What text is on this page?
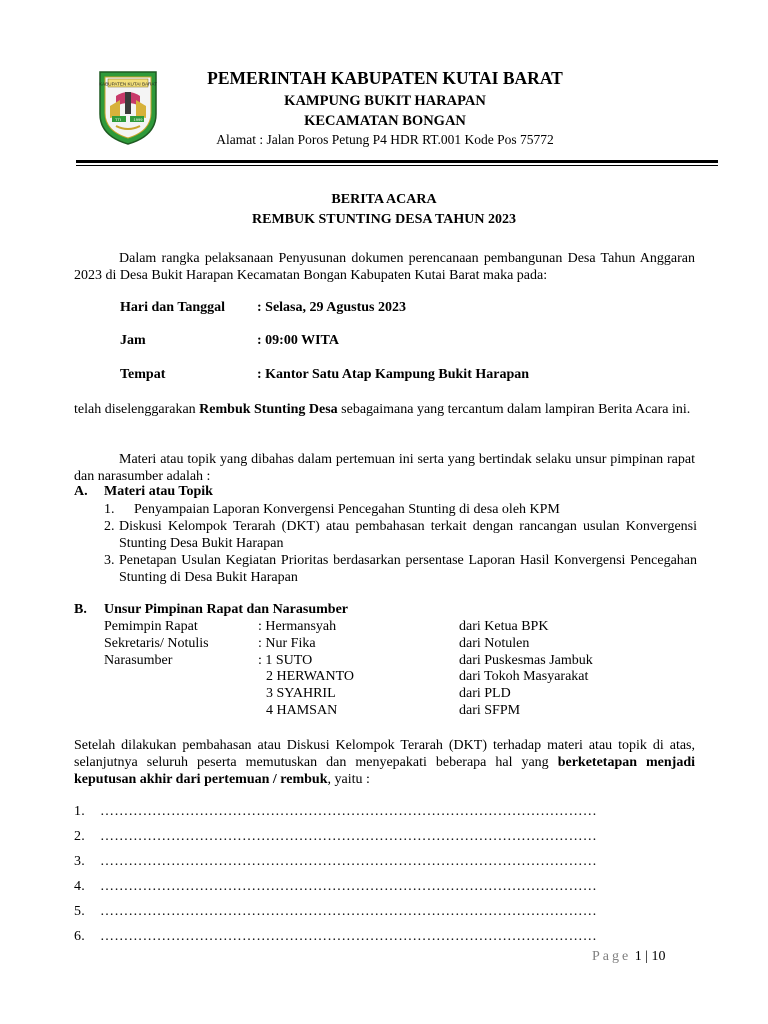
KABUPATEN KUTAI BARAT
TTI	1999
PEMERINTAH KABUPATEN KUTAI BARAT
KAMPUNG BUKIT HARAPAN
KECAMATAN BONGAN
Alamat : Jalan Poros Petung P4 HDR RT.001 Kode Pos 75772
BERITA ACARA
REMBUK STUNTING DESA TAHUN 2023
Dalam rangka pelaksanaan Penyusunan dokumen perencanaan pembangunan Desa Tahun Anggaran 2023 di Desa Bukit Harapan Kecamatan Bongan Kabupaten Kutai Barat maka pada:
Hari dan Tanggal : Selasa, 29 Agustus 2023
Jam	: 09:00 WITA
Tempat	: Kantor Satu Atap Kampung Bukit Harapan
telah diselenggarakan Rembuk Stunting Desa sebagaimana yang tercantum dalam lampiran Berita Acara ini.
Materi atau topik yang dibahas dalam pertemuan ini serta yang bertindak selaku unsur pimpinan rapat dan narasumber adalah :
A. Materi atau Topik
1. Penyampaian Laporan Konvergensi Pencegahan Stunting di desa oleh KPM
2. Diskusi Kelompok Terarah (DKT) atau pembahasan terkait dengan rancangan usulan Konvergensi Stunting Desa Bukit Harapan
3. Penetapan Usulan Kegiatan Prioritas berdasarkan persentase Laporan Hasil Konvergensi Pencegahan Stunting di Desa Bukit Harapan
B. Unsur Pimpinan Rapat dan Narasumber
Pemimpin Rapat	: Hermansyah	dari Ketua BPK
Sekretaris/ Notulis	: Nur Fika	dari Notulen
Narasumber	: 1 SUTO	dari Puskesmas Jambuk
2 HERWANTO	dari Tokoh Masyarakat
3 SYAHRIL	dari PLD
4 HAMSAN	dari SFPM
Setelah dilakukan pembahasan atau Diskusi Kelompok Terarah (DKT) terhadap materi atau topik di atas, selanjutnya seluruh peserta memutuskan dan menyepakati beberapa hal yang berketetapan menjadi keputusan akhir dari pertemuan / rembuk, yaitu :
1. ……………………………………………………………………………………………
2. ……………………………………………………………………………………………
3. ……………………………………………………………………………………………
4. ……………………………………………………………………………………………
5. ……………………………………………………………………………………………
6. ……………………………………………………………………………………………
Page 1 | 10
